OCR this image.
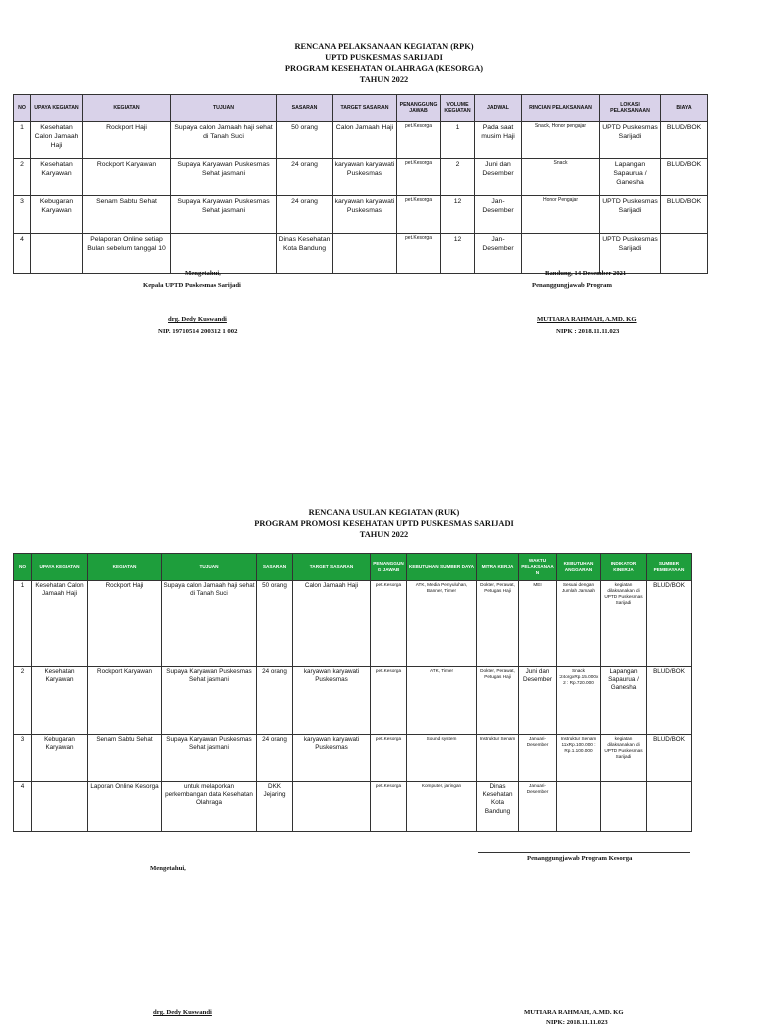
RENCANA PELAKSANAAN KEGIATAN (RPK)
UPTD PUSKESMAS SARIJADI
PROGRAM KESEHATAN OLAHRAGA (KESORGA)
TAHUN 2022
NO	UPAYA KEGIATAN	KEGIATAN	TUJUAN	SASARAN	TARGET SASARAN	PENANGGUNG JAWAB	VOLUME KEGIATAN	JADWAL	RINCIAN PELAKSANAAN	LOKASI PELAKSANAAN	BIAYA
1	Kesehatan Calon Jamaah Haji	Rockport Haji	Supaya calon Jamaah haji sehat di Tanah Suci	50 orang	Calon Jamaah Haji	pet.Kesorga	1	Pada saat musim Haji	Snack, Honor pengajar	UPTD Puskesmas Sarijadi	BLUD/BOK
2	Kesehatan Karyawan	Rockport Karyawan	Supaya Karyawan Puskesmas Sehat jasmani	24 orang	karyawan karyawati Puskesmas	pet.Kesorga	2	Juni dan Desember	Snack	Lapangan Sapaurua / Ganesha	BLUD/BOK
3	Kebugaran Karyawan	Senam Sabtu Sehat	Supaya Karyawan Puskesmas Sehat jasmani	24 orang	karyawan karyawati Puskesmas	pet.Kesorga	12	Jan-Desember	Honor Pengajar	UPTD Puskesmas Sarijadi	BLUD/BOK
4		Pelaporan Online setiap Bulan sebelum tanggal 10		Dinas Kesehatan Kota Bandung		pet.Kesorga	12	Jan-Desember		UPTD Puskesmas Sarijadi	
Mengetahui,
Kepala UPTD Puskesmas Sarijadi
drg. Dedy Kuswandi
NIP. 19710514 200312 1 002
Bandung, 14 Desember 2021
Penanggungjawab Program
MUTIARA RAHMAH, A.MD. KG
NIPK : 2018.11.11.023
RENCANA USULAN KEGIATAN (RUK)
PROGRAM PROMOSI KESEHATAN UPTD PUSKESMAS SARIJADI
TAHUN 2022
NO	UPAYA KEGIATAN	KEGIATAN	TUJUAN	SASARAN	TARGET SASARAN	PENANGGUNG JAWAB	KEBUTUHAN SUMBER DAYA	MITRA KERJA	WAKTU PELAKSANAAN	KEBUTUHAN ANGGARAN	INDIKATOR KINERJA	SUMBER PEMBIAYAAN
1	Kesehatan Calon Jamaah Haji	Rockport Haji	Supaya calon Jamaah haji sehat di Tanah Suci	50 orang	Calon Jamaah Haji	pet.Kesorga	ATK, Media Penyuluhan, Banner, Timer	Dokter, Perawat, Petugas Haji	MEI	Sesuai dengan Jumlah Jamaah	kegiatan dilaksanakan di UPTD Puskesmas Sarijadi	BLUD/BOK
2	Kesehatan Karyawan	Rockport Karyawan	Supaya Karyawan Puskesmas Sehat jasmani	24 orang	karyawan karyawati Puskesmas	pet.Kesorga	ATK, Timer	Dokter, Perawat, Petugas Haji	Juni dan Desember	Snack :24orgxRp.15.000x2 : Rp.720.000	Lapangan Sapaurua / Ganesha	BLUD/BOK
3	Kebugaran Karyawan	Senam Sabtu Sehat	Supaya Karyawan Puskesmas Sehat jasmani	24 orang	karyawan karyawati Puskesmas	pet.Kesorga	Sound system	Instruktur Senam	Januari-Desember	Instruktur Senam 11xRp.100.000 : Rp.1.100.000	kegiatan dilaksanakan di UPTD Puskesmas Sarijadi	BLUD/BOK
4		Laporan Online Kesorga	untuk melaporkan perkembangan data Kesehatan Olahraga	DKK Jejaring		pet.Kesorga	Komputer, jaringan	Dinas Kesehatan Kota Bandung	Januari-Desember			
Penanggungjawab Program Kesorga
Mengetahui,
drg. Dedy Kuswandi	MUTIARA RAHMAH, A.MD. KG
NIPK: 2018.11.11.023
